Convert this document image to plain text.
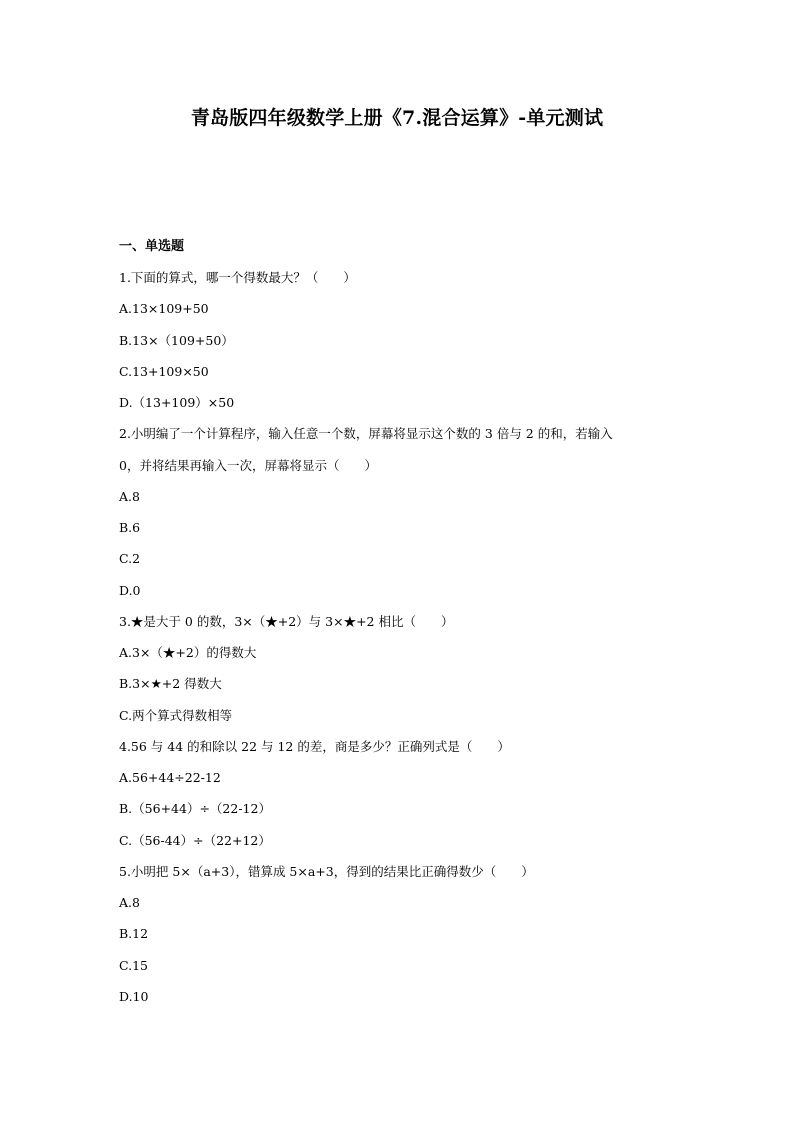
青岛版四年级数学上册《7.混合运算》-单元测试
一、单选题
1.下面的算式，哪一个得数最大？（　　）
A.13×109+50
B.13×（109+50）
C.13+109×50
D.（13+109）×50
2.小明编了一个计算程序，输入任意一个数，屏幕将显示这个数的 3 倍与 2 的和，若输入
0，并将结果再输入一次，屏幕将显示（　　）
A.8
B.6
C.2
D.0
3.★是大于 0 的数，3×（★+2）与 3×★+2 相比（　　）
A.3×（★+2）的得数大
B.3×★+2 得数大
C.两个算式得数相等
4.56 与 44 的和除以 22 与 12 的差，商是多少？正确列式是（　　）
A.56+44÷22-12
B.（56+44）÷（22-12）
C.（56-44）÷（22+12）
5.小明把 5×（a+3），错算成 5×a+3，得到的结果比正确得数少（　　）
A.8
B.12
C.15
D.10
